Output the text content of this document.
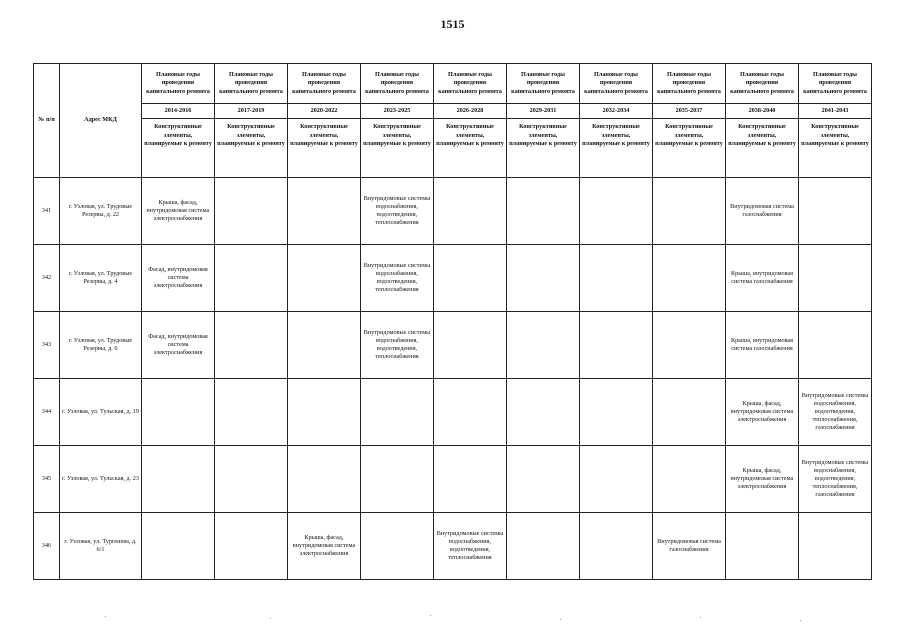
1515
№ п/п	Адрес МКД	Плановые годы проведения капитального ремонта	Плановые годы проведения капитального ремонта	Плановые годы проведения капитального ремонта	Плановые годы проведения капитального ремонта	Плановые годы проведения капитального ремонта	Плановые годы проведения капитального ремонта	Плановые годы проведения капитального ремонта	Плановые годы проведения капитального ремонта	Плановые годы проведения капитального ремонта	Плановые годы проведения капитального ремонта
		2014-2016	2017-2019	2020-2022	2023-2025	2026-2028	2029-2031	2032-2034	2035-2037	2038-2040	2041-2043
		Конструктивные элементы, планируемые к ремонту	Конструктивные элементы, планируемые к ремонту	Конструктивные элементы, планируемые к ремонту	Конструктивные элементы, планируемые к ремонту	Конструктивные элементы, планируемые к ремонту	Конструктивные элементы, планируемые к ремонту	Конструктивные элементы, планируемые к ремонту	Конструктивные элементы, планируемые к ремонту	Конструктивные элементы, планируемые к ремонту	Конструктивные элементы, планируемые к ремонту
341	г. Узловая, ул. Трудовые Резервы, д. 22	Крыша, фасад, внутридомовая система электроснабжения			Внутридомовые системы водоснабжения, водоотведения, теплоснабжения					Внутридомовая система газоснабжения	
342	г. Узловая, ул. Трудовые Резервы, д. 4	Фасад, внутридомовая система электроснабжения			Внутридомовые системы водоснабжения, водоотведения, теплоснабжения					Крыша, внутридомовая система газоснабжения	
343	г. Узловая, ул. Трудовые Резервы, д. 6	Фасад, внутридомовая система электроснабжения			Внутридомовые системы водоснабжения, водоотведения, теплоснабжения					Крыша, внутридомовая система газоснабжения	
344	г. Узловая, ул. Тульская, д. 19									Крыша, фасад, внутридомовая система электроснабжения	Внутридомовые системы водоснабжения, водоотведения, теплоснабжения, газоснабжения
345	г. Узловая, ул. Тульская, д. 23									Крыша, фасад, внутридомовая система электроснабжения	Внутридомовые системы водоснабжения, водоотведения, теплоснабжения, газоснабжения
346	г. Узловая, ул. Тургенева, д. 6/1			Крыша, фасад, внутридомовая система электроснабжения		Внутридомовые системы водоснабжения, водоотведения, теплоснабжения			Внутридомовая система газоснабжения		
